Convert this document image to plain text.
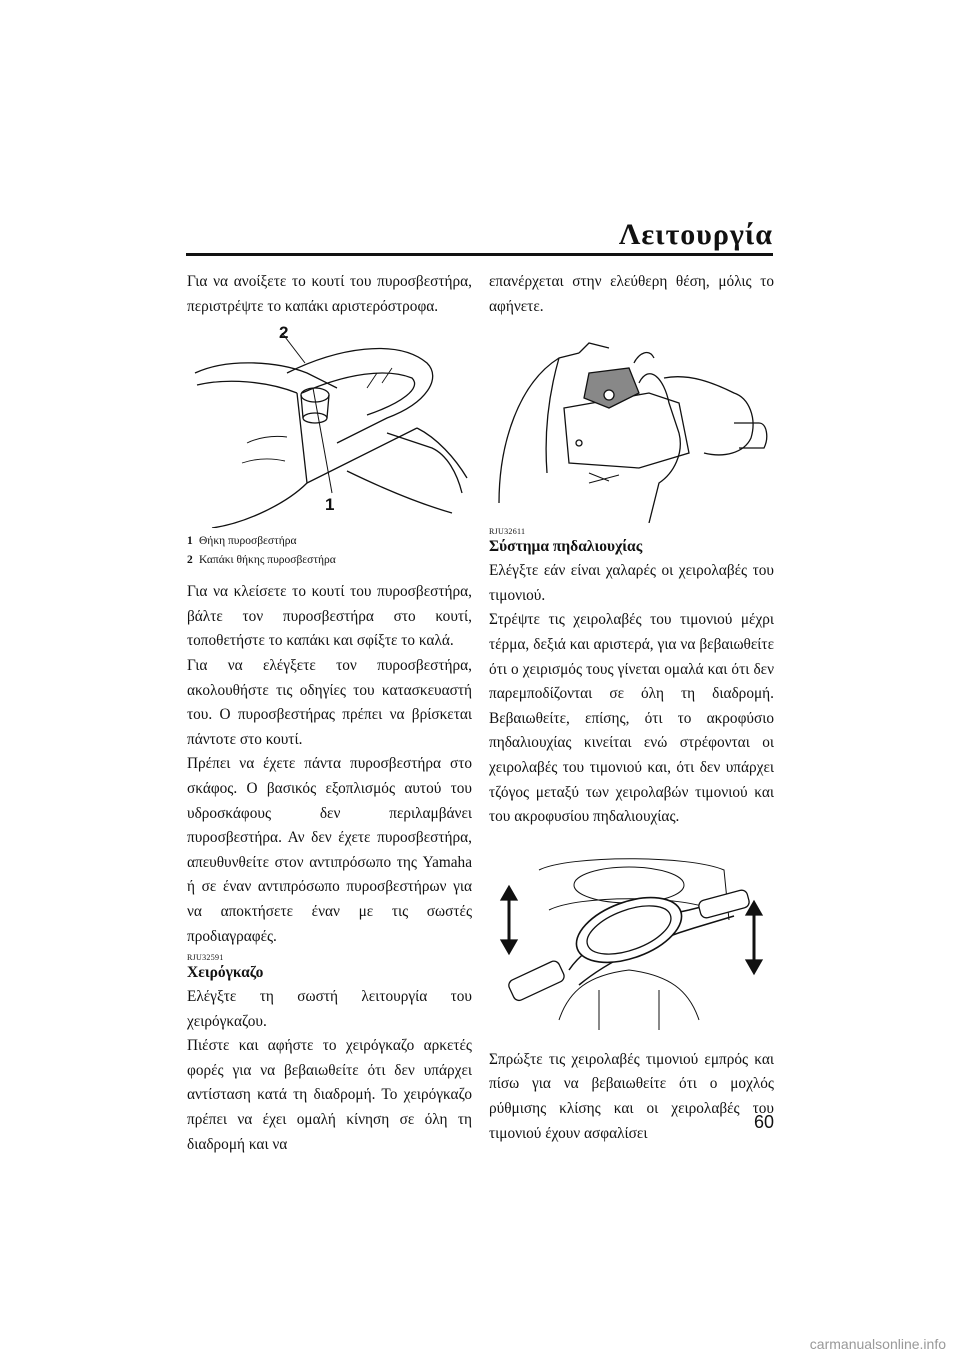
Λειτουργία

Για να ανοίξετε το κουτί του πυροσβεστήρα, περιστρέψτε το καπάκι αριστερόστροφα.

2
1
1 Θήκη πυροσβεστήρα
2 Καπάκι θήκης πυροσβεστήρα

Για να κλείσετε το κουτί του πυροσβεστήρα, βάλτε τον πυροσβεστήρα στο κουτί, τοποθετήστε το καπάκι και σφίξτε το καλά.

Για να ελέγξετε τον πυροσβεστήρα, ακολουθήστε τις οδηγίες του κατασκευαστή του. Ο πυροσβεστήρας πρέπει να βρίσκεται πάντοτε στο κουτί.

Πρέπει να έχετε πάντα πυροσβεστήρα στο σκάφος. Ο βασικός εξοπλισμός αυτού του υδροσκάφους δεν περιλαμβάνει πυροσβεστήρα. Αν δεν έχετε πυροσβεστήρα, απευθυνθείτε στον αντιπρόσωπο της Yamaha ή σε έναν αντιπρόσωπο πυροσβεστήρων για να αποκτήσετε έναν με τις σωστές προδιαγραφές.

RJU32591
Χειρόγκαζο

Ελέγξτε τη σωστή λειτουργία του χειρόγκαζου.

Πιέστε και αφήστε το χειρόγκαζο αρκετές φορές για να βεβαιωθείτε ότι δεν υπάρχει αντίσταση κατά τη διαδρομή. Το χειρόγκαζο πρέπει να έχει ομαλή κίνηση σε όλη τη διαδρομή και να

επανέρχεται στην ελεύθερη θέση, μόλις το αφήνετε.

RJU32611
Σύστημα πηδαλιουχίας

Ελέγξτε εάν είναι χαλαρές οι χειρολαβές του τιμονιού.

Στρέψτε τις χειρολαβές του τιμονιού μέχρι τέρμα, δεξιά και αριστερά, για να βεβαιωθείτε ότι ο χειρισμός τους γίνεται ομαλά και ότι δεν παρεμποδίζονται σε όλη τη διαδρομή. Βεβαιωθείτε, επίσης, ότι το ακροφύσιο πηδαλιουχίας κινείται ενώ στρέφονται οι χειρολαβές του τιμονιού και, ότι δεν υπάρχει τζόγος μεταξύ των χειρολαβών τιμονιού και του ακροφυσίου πηδαλιουχίας.

Σπρώξτε τις χειρολαβές τιμονιού εμπρός και πίσω για να βεβαιωθείτε ότι ο μοχλός ρύθμισης κλίσης και οι χειρολαβές του τιμονιού έχουν ασφαλίσει

60
carmanualsonline.info
